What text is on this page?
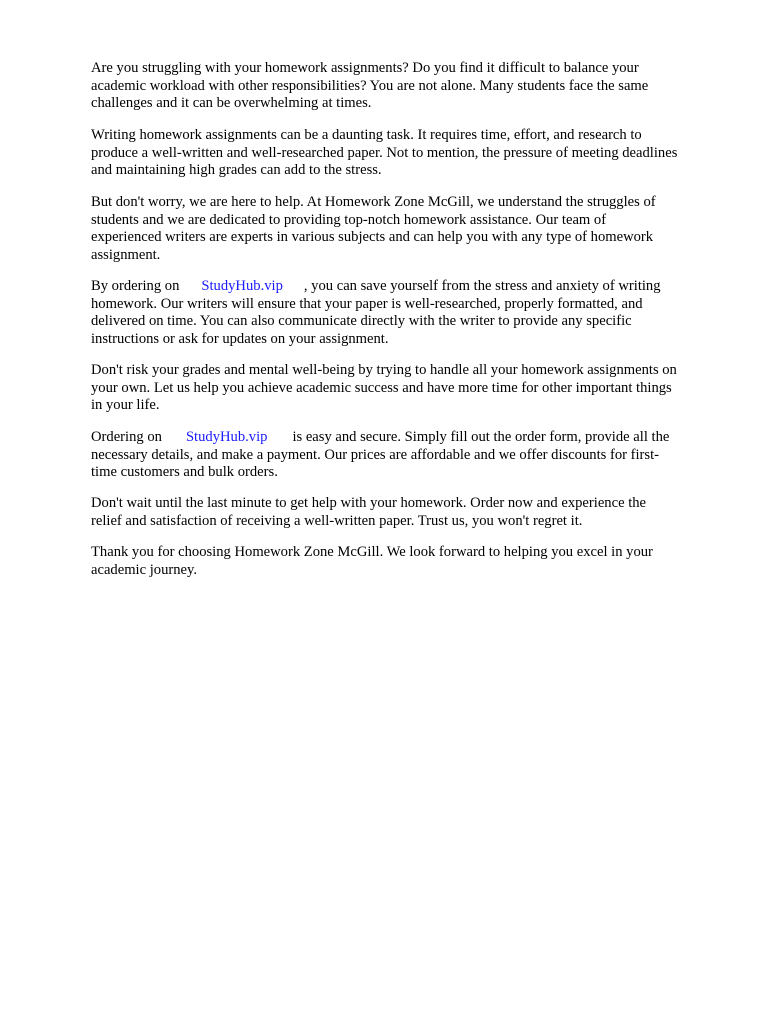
Are you struggling with your homework assignments? Do you find it difficult to balance your
academic workload with other responsibilities? You are not alone. Many students face the same
challenges and it can be overwhelming at times.
Writing homework assignments can be a daunting task. It requires time, effort, and research to
produce a well-written and well-researched paper. Not to mention, the pressure of meeting deadlines
and maintaining high grades can add to the stress.
But don't worry, we are here to help. At Homework Zone McGill, we understand the struggles of
students and we are dedicated to providing top-notch homework assistance. Our team of
experienced writers are experts in various subjects and can help you with any type of homework
assignment.
By ordering on StudyHub.vip , you can save yourself from the stress and anxiety of writing
homework. Our writers will ensure that your paper is well-researched, properly formatted, and
delivered on time. You can also communicate directly with the writer to provide any specific
instructions or ask for updates on your assignment.
Don't risk your grades and mental well-being by trying to handle all your homework assignments on
your own. Let us help you achieve academic success and have more time for other important things
in your life.
Ordering on StudyHub.vip is easy and secure. Simply fill out the order form, provide all the
necessary details, and make a payment. Our prices are affordable and we offer discounts for first-
time customers and bulk orders.
Don't wait until the last minute to get help with your homework. Order now and experience the
relief and satisfaction of receiving a well-written paper. Trust us, you won't regret it.
Thank you for choosing Homework Zone McGill. We look forward to helping you excel in your
academic journey.
